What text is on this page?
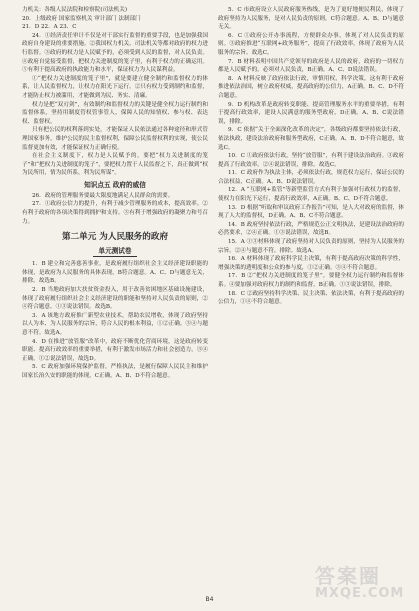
力机关：各级人民法院和检察院(司法机关)

20．上级政府 国家监察机关 审计部门 法制部门

21．D 22．A 23．C

24．①经济责任审计不仅是对干部实行监督的重要手段，也是加强我国政府自身建设的重要措施。②我国权力机关、司法机关等都对政府的权力进行监督。③政府的权力是人民赋予的，必须受到人民的监督，对人民负责。④政府自觉接受监督，把权力关进制度的笼子里，有利于权力的正确运用。⑤有利于提高政府的执政能力和水平，保证权力为人民谋利益。

①“把权力关进制度的笼子里”，就是要建立健全制约和监督权力的体系，让人民监督权力，让权力在阳光下运行。②只有权力受到制约和监督，才能防止权力被滥用，才能做到为民、务实、清廉。

权力是把“双刃剑”，有效制约和监督权力的关键是健全权力运行制约和监督体系，坚持用制度管权管事管人，保障人民的知情权、参与权、表达权、监督权。

只有把公民的权利落到实处，才能保证人民依法通过各种途径和形式管理国家事务，维护公民的民主监督权利，保障公民监督权利的实现，使公民监督更加有效，才能保证权力正确行使。

在社会主义制度下，权力是人民赋予的，要把“权力关进制度的笼子”和“把权力关进制度的笼子”，要把权力置于人民监督之下，真正做到“权为民所用，情为民所系，利为民所谋”。

知识点五 政府的威信

26．政府的管理服务要最大限度地满足人民群众的需要。

27．①政府公信力的提升，有利于减少管理服务的成本，提高效率。②有利于政府的各项决策得到拥护和支持。③有利于增强政府的凝聚力和号召力。

第二单元 为人民服务的政府
单元测试卷

1．B 建立和完善慈善事业，是政府履行组织社会主义经济建设职能的体现，是政府为人民服务的具体表现，B符合题意。A、C、D与题意无关，排除。故选B。

2．B 当地政府加大扶贫资金投入，用于改善贫困地区基础设施建设，体现了政府履行组织社会主义经济建设的职能和坚持对人民负责的原则，②④符合题意。①③说法错误。故选B。

3．A 该地方政府推广新型农业技术，帮助农民增收，体现了政府坚持以人为本、为人民服务的宗旨，符合人民的根本利益，①②正确。③④与题意不符。故选A。

4．D 在推进“放管服”改革中，政府不断优化营商环境，这是政府转变职能、提高行政效率的重要举措，有利于激发市场活力和社会创造力，③④正确。①②说法错误，故选D。

5．C 政府加强环境保护监督，严格执法，是履行保障人民民主和维护国家长治久安的职能的体现，C正确。A、B、D不符合题意。

5．C 市政府设立人民政府服务热线，是为了更好地便民利民，体现了政府坚持为人民服务，是对人民负责的原则，C符合题意。A、B、D与题意无关。

6．C ①政府公开办事流程，方便群众办事，体现了对人民负责的原则。③政府推进“互联网+政务服务”，提高了行政效率，体现了政府为人民服务的宗旨。故选C。

7．B 材料表明中国共产党领导的政府是人民的政府，政府的一切权力都是人民赋予的，必须对人民负责，B正确。A、C、D说法错误。

8．A 材料反映了政府依法行政，审慎用权，科学决策，这有利于政府推进依法治国，树立政府权威，提高政府的公信力，A正确。B、C、D不符合题意。

9．D 机构改革是政府转变职能、提高管理服务水平的重要举措，有利于提高行政效率，建设人民满意的服务型政府，D正确。A、B、C说法错误，排除。

9．C 依据“关于全面深化改革的决定”，各级政府都要坚持依法行政，依法执政，建设法治政府和服务型政府，C正确。A、B、D不符合题意，故选C。

10．C ①政府依法行政，坚持“放管服”，有利于建设法治政府。③政府提高了行政效率。②④说法错误，排除。故选C。

11．C 政府作为执法主体，必须依法行政，规范权力运行，保证公民的合法权益，C正确。A、B、D说法错误。

12．A “互联网+监管”等新型监管方式有利于加强对行政权力的监督，使权力在阳光下运行，提高行政效率，A正确。B、C、D不符合题意。

13．D 根据“听取和审议政府工作报告”可知，是人大对政府的监督，体现了人大的监督权，D正确。A、B、C不符合题意。

14．B 政府坚持依法行政，严格规范公正文明执法，是建设法治政府的必然要求，②④正确。①③说法错误，故选B。

15．A ①③材料体现了政府坚持对人民负责的原则，坚持为人民服务的宗旨。②④与题意不符，排除。故选A。

16．A 材料体现了政府科学民主决策，有利于提高政府决策的科学性，增强决策的透明度和公众的参与度，①②正确。③④不符合题意。

17．B ②“把权力关进制度的笼子里”，要健全权力运行制约和监督体系。④要加强对政府权力的制约和监督，B正确。①③说法错误，排除。

18．C ②政府坚持科学决策、民主决策、依法决策，有利于提高政府的公信力，①④不符合题意。

答案圈
MXQE.COM
B4
